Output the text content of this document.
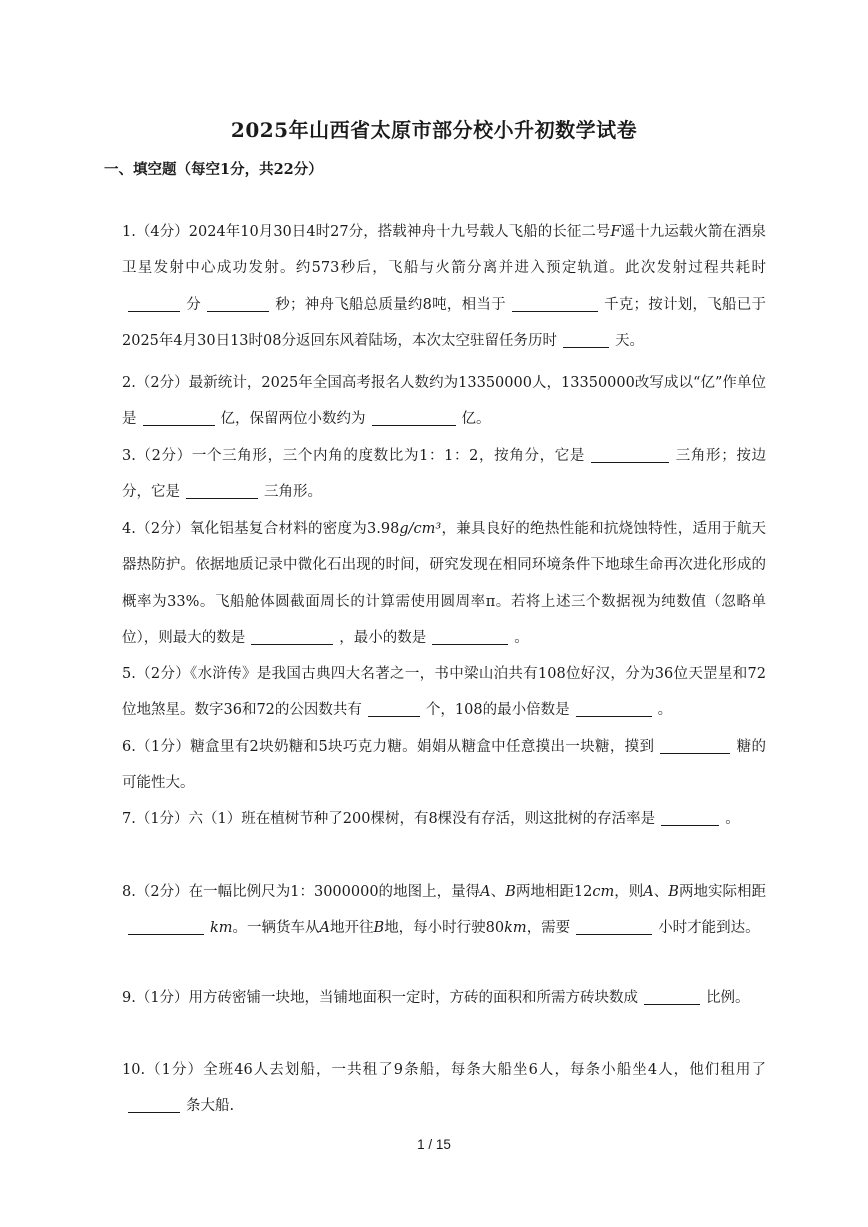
2025年山西省太原市部分校小升初数学试卷
一、填空题（每空1分，共22分）
1.（4分）2024年10月30日4时27分，搭载神舟十九号载人飞船的长征二号F遥十九运载火箭在酒泉卫星发射中心成功发射。约573秒后，飞船与火箭分离并进入预定轨道。此次发射过程共耗时分	秒；神舟飞船总质量约8吨，相当于	千克；按计划，飞船已于2025年4月30日13时08分返回东风着陆场，本次太空驻留任务历时	天。
2.（2分）最新统计，2025年全国高考报名人数约为13350000人，13350000改写成以“亿”作单位是	亿，保留两位小数约为	亿。
3.（2分）一个三角形，三个内角的度数比为1：1：2，按角分，它是	三角形；按边分，它是	三角形。
4.（2分）氧化铝基复合材料的密度为3.98g/cm³，兼具良好的绝热性能和抗烧蚀特性，适用于航天器热防护。依据地质记录中微化石出现的时间，研究发现在相同环境条件下地球生命再次进化形成的概率为33%。飞船舱体圆截面周长的计算需使用圆周率π。若将上述三个数据视为纯数值（忽略单位），则最大的数是	，最小的数是	。
5.（2分）《水浒传》是我国古典四大名著之一，书中梁山泊共有108位好汉，分为36位天罡星和72位地煞星。数字36和72的公因数共有	个，108的最小倍数是	。
6.（1分）糖盒里有2块奶糖和5块巧克力糖。娟娟从糖盒中任意摸出一块糖，摸到	糖的可能性大。
7.（1分）六（1）班在植树节种了200棵树，有8棵没有存活，则这批树的存活率是	。
8.（2分）在一幅比例尺为1：3000000的地图上，量得A、B两地相距12cm，则A、B两地实际相距km。一辆货车从A地开往B地，每小时行驶80km，需要	小时才能到达。
9.（1分）用方砖密铺一块地，当铺地面积一定时，方砖的面积和所需方砖块数成	比例。
10.（1分）全班46人去划船，一共租了9条船，每条大船坐6人，每条小船坐4人，他们租用了条大船.
1 / 15
